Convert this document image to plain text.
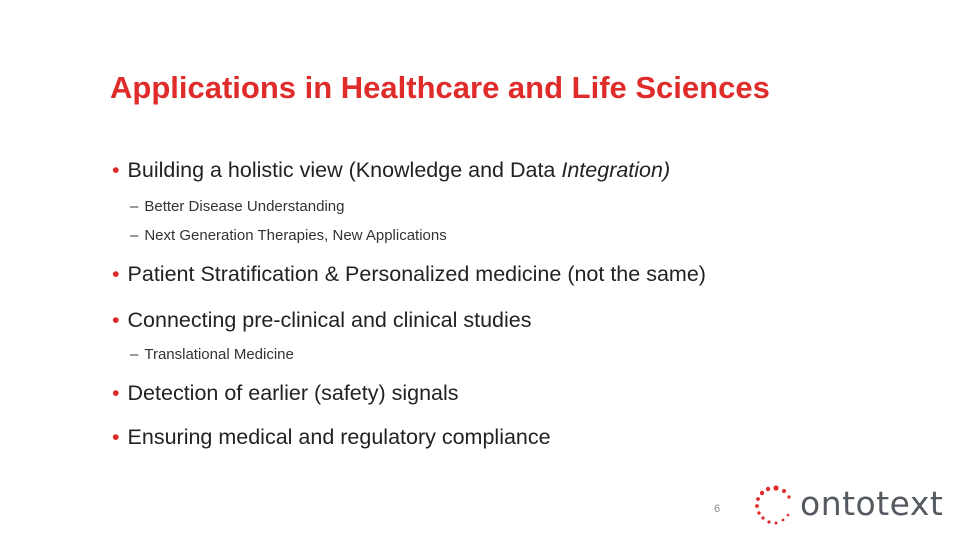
Applications in Healthcare and Life Sciences
• Building a holistic view (Knowledge and Data Integration)
– Better Disease Understanding
– Next Generation Therapies, New Applications
• Patient Stratification & Personalized medicine (not the same)
• Connecting pre-clinical and clinical studies
– Translational Medicine
• Detection of earlier (safety) signals
• Ensuring medical and regulatory compliance
6 ontotext
